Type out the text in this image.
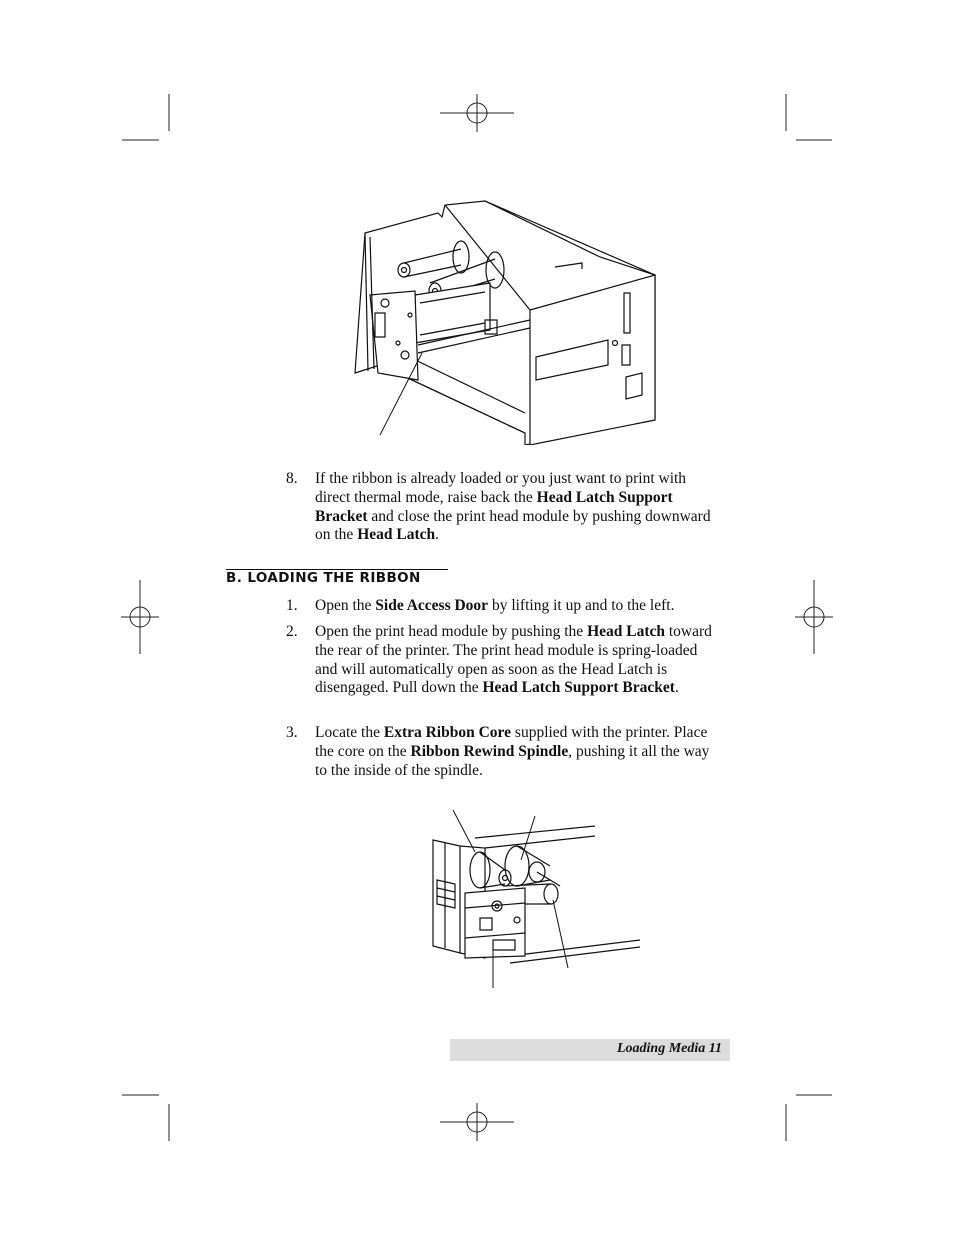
8. If the ribbon is already loaded or you just want to print with direct thermal mode, raise back the Head Latch Support Bracket and close the print head module by pushing downward on the Head Latch.
B. LOADING THE RIBBON
1. Open the Side Access Door by lifting it up and to the left.
2. Open the print head module by pushing the Head Latch toward the rear of the printer. The print head module is spring-loaded and will automatically open as soon as the Head Latch is disengaged. Pull down the Head Latch Support Bracket.
3. Locate the Extra Ribbon Core supplied with the printer. Place the core on the Ribbon Rewind Spindle, pushing it all the way to the inside of the spindle.
Loading Media 11
